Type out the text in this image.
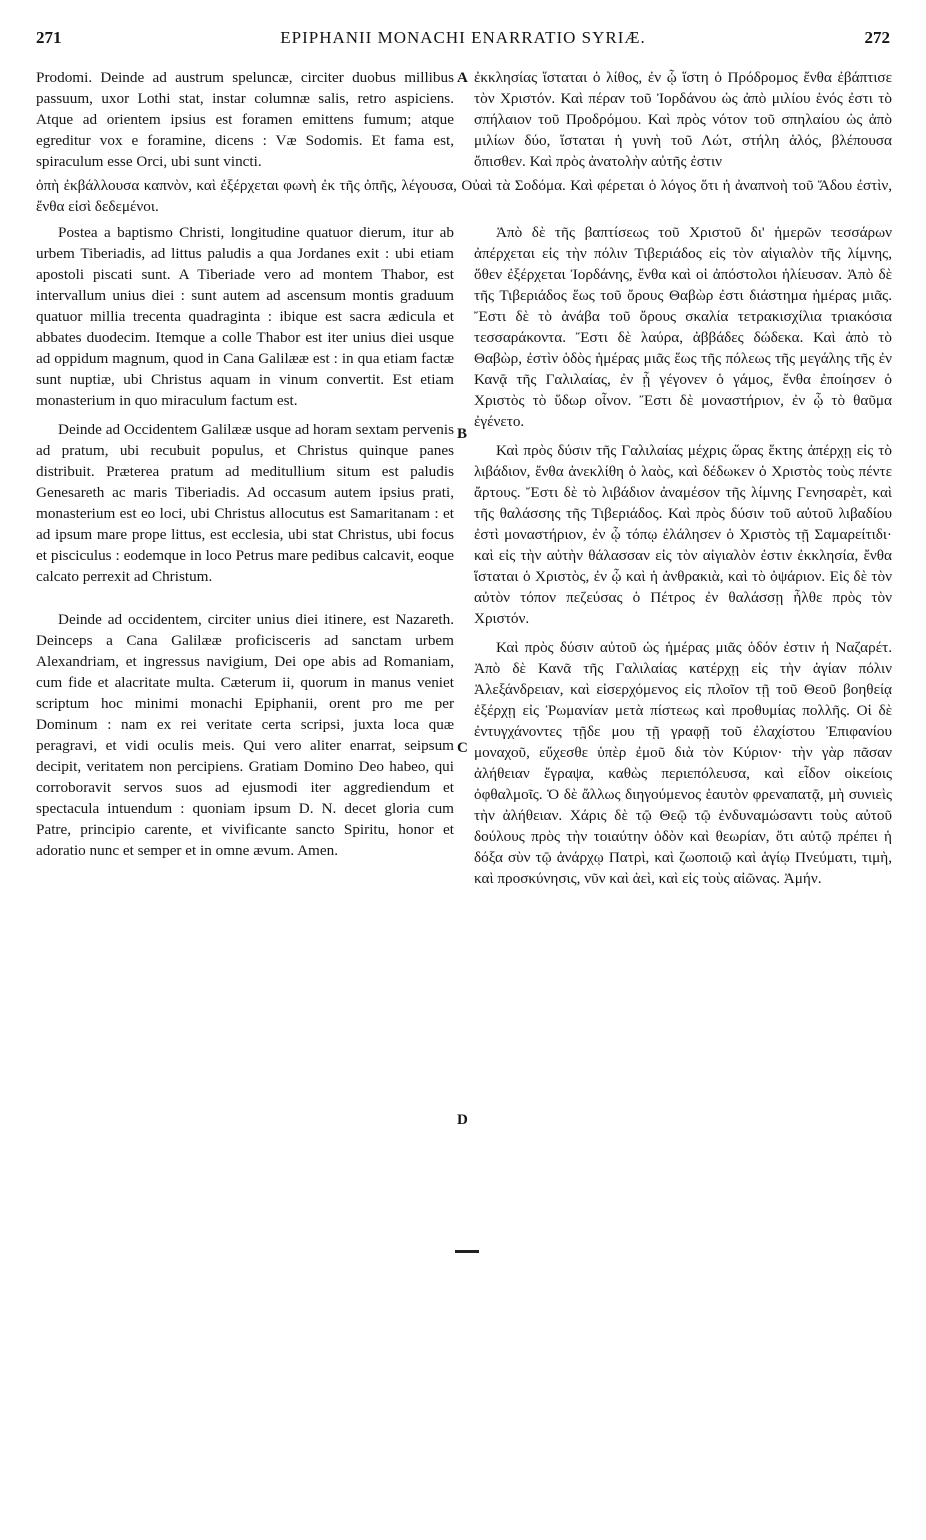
271	EPIPHANII MONACHI ENARRATIO SYRIÆ.	272

Prodomi. Deinde ad austrum speluncæ, circiter duobus millibus passuum, uxor Lothi stat, instar columnæ salis, retro aspiciens. Atque ad orientem ipsius est foramen emittens fumum; atque egreditur vox e foramine, dicens : Væ Sodomis. Et fama est, spiraculum esse Orci, ubi sunt vincti.

ἐκκλησίας ἵσταται ὁ λίθος, ἐν ᾧ ἵστη ὁ Πρόδρομος ἔνθα ἐβάπτισε τὸν Χριστόν. Καὶ πέραν τοῦ Ἰορδάνου ὡς ἀπὸ μιλίου ἑνός ἐστι τὸ σπήλαιον τοῦ Προδρόμου. Καὶ πρὸς νότον τοῦ σπηλαίου ὡς ἀπὸ μιλίων δύο, ἵσταται ἡ γυνὴ τοῦ Λώτ, στήλη ἁλός, βλέπουσα ὄπισθεν. Καὶ πρὸς ἀνατολὴν αὐτῆς ἐστιν

ὀπὴ ἐκβάλλουσα καπνὸν, καὶ ἐξέρχεται φωνὴ ἐκ τῆς ὀπῆς, λέγουσα, Οὐαὶ τὰ Σοδόμα. Καὶ φέρεται ὁ λόγος ὅτι ἡ ἀναπνοὴ τοῦ Ἅδου ἐστὶν, ἔνθα εἰσὶ δεδεμένοι.

Postea a baptismo Christi, longitudine quatuor dierum, itur ab urbem Tiberiadis, ad littus paludis a qua Jordanes exit : ubi etiam apostoli piscati sunt. A Tiberiade vero ad montem Thabor, est intervallum unius diei : sunt autem ad ascensum montis graduum quatuor millia trecenta quadraginta : ibique est sacra ædicula et abbates duodecim. Itemque a colle Thabor est iter unius diei usque ad oppidum magnum, quod in Cana Galilææ est : in qua etiam factæ sunt nuptiæ, ubi Christus aquam in vinum convertit. Est etiam monasterium in quo miraculum factum est.

Deinde ad Occidentem Galilææ usque ad horam sextam pervenis ad pratum, ubi recubuit populus, et Christus quinque panes distribuit. Præterea pratum ad meditullium situm est paludis Genesareth ac maris Tiberiadis. Ad occasum autem ipsius prati, monasterium est eo loci, ubi Christus allocutus est Samaritanam : et ad ipsum mare prope littus, est ecclesia, ubi stat Christus, ubi focus et pisciculus : eodemque in loco Petrus mare pedibus calcavit, eoque calcato perrexit ad Christum.

Deinde ad occidentem, circiter unius diei itinere, est Nazareth. Deinceps a Cana Galilææ proficisceris ad sanctam urbem Alexandriam, et ingressus navigium, Dei ope abis ad Romaniam, cum fide et alacritate multa. Cæterum ii, quorum in manus veniet scriptum hoc minimi monachi Epiphanii, orent pro me per Dominum : nam ex rei veritate certa scripsi, juxta loca quæ peragravi, et vidi oculis meis. Qui vero aliter enarrat, seipsum decipit, veritatem non percipiens. Gratiam Domino Deo habeo, qui corroboravit servos suos ad ejusmodi iter aggrediendum et spectacula intuendum : quoniam ipsum D. N. decet gloria cum Patre, principio carente, et vivificante sancto Spiritu, honor et adoratio nunc et semper et in omne ævum. Amen.

Ἀπὸ δὲ τῆς βαπτίσεως τοῦ Χριστοῦ δι' ἡμερῶν τεσσάρων ἀπέρχεται εἰς τὴν πόλιν Τιβεριάδος εἰς τὸν αἰγιαλὸν τῆς λίμνης, ὅθεν ἐξέρχεται Ἰορδάνης, ἔνθα καὶ οἱ ἀπόστολοι ἡλίευσαν. Ἀπὸ δὲ τῆς Τιβεριάδος ἕως τοῦ ὄρους Θαβὼρ ἐστι διάστημα ἡμέρας μιᾶς. Ἔστι δὲ τὸ ἀνάβα τοῦ ὄρους σκαλία τετρακισχίλια τριακόσια τεσσαράκοντα. Ἔστι δὲ λαύρα, ἀββάδες δώδεκα. Καὶ ἀπὸ τὸ Θαβὼρ, ἐστὶν ὁδὸς ἡμέρας μιᾶς ἕως τῆς πόλεως τῆς μεγάλης τῆς ἐν Κανᾷ τῆς Γαλιλαίας, ἐν ᾗ γέγονεν ὁ γάμος, ἔνθα ἐποίησεν ὁ Χριστὸς τὸ ὕδωρ οἶνον. Ἔστι δὲ μοναστήριον, ἐν ᾧ τὸ θαῦμα ἐγένετο.

Καὶ πρὸς δύσιν τῆς Γαλιλαίας μέχρις ὥρας ἕκτης ἀπέρχῃ εἰς τὸ λιβάδιον, ἔνθα ἀνεκλίθη ὁ λαὸς, καὶ δέδωκεν ὁ Χριστὸς τοὺς πέντε ἄρτους. Ἔστι δὲ τὸ λιβάδιον ἀναμέσον τῆς λίμνης Γενησαρὲτ, καὶ τῆς θαλάσσης τῆς Τιβεριάδος. Καὶ πρὸς δύσιν τοῦ αὐτοῦ λιβαδίου ἐστὶ μοναστήριον, ἐν ᾧ τόπῳ ἐλάλησεν ὁ Χριστὸς τῇ Σαμαρείτιδι· καὶ εἰς τὴν αὐτὴν θάλασσαν εἰς τὸν αἰγιαλὸν ἐστιν ἐκκλησία, ἔνθα ἵσταται ὁ Χριστὸς, ἐν ᾧ καὶ ἡ ἀνθρακιὰ, καὶ τὸ ὀψάριον. Εἰς δὲ τὸν αὐτὸν τόπον πεζεύσας ὁ Πέτρος ἐν θαλάσσῃ ἦλθε πρὸς τὸν Χριστόν.

Καὶ πρὸς δύσιν αὐτοῦ ὡς ἡμέρας μιᾶς ὁδόν ἐστιν ἡ Ναζαρέτ. Ἀπὸ δὲ Κανᾶ τῆς Γαλιλαίας κατέρχῃ εἰς τὴν ἁγίαν πόλιν Ἀλεξάνδρειαν, καὶ εἰσερχόμενος εἰς πλοῖον τῇ τοῦ Θεοῦ βοηθείᾳ ἐξέρχῃ εἰς Ῥωμανίαν μετὰ πίστεως καὶ προθυμίας πολλῆς. Οἱ δὲ ἐντυγχάνοντες τῇδε μου τῇ γραφῇ τοῦ ἐλαχίστου Ἐπιφανίου μοναχοῦ, εὔχεσθε ὑπὲρ ἐμοῦ διὰ τὸν Κύριον· τὴν γὰρ πᾶσαν ἀλήθειαν ἔγραψα, καθὼς περιεπόλευσα, καὶ εἶδον οἰκείοις ὀφθαλμοῖς. Ὁ δὲ ἄλλως διηγούμενος ἑαυτὸν φρεναπατᾷ, μὴ συνιεὶς τὴν ἀλήθειαν. Χάρις δὲ τῷ Θεῷ τῷ ἐνδυναμώσαντι τοὺς αὐτοῦ δούλους πρὸς τὴν τοιαύτην ὁδὸν καὶ θεωρίαν, ὅτι αὐτῷ πρέπει ἡ δόξα σὺν τῷ ἀνάρχῳ Πατρὶ, καὶ ζωοποιῷ καὶ ἁγίῳ Πνεύματι, τιμὴ, καὶ προσκύνησις, νῦν καὶ ἀεὶ, καὶ εἰς τοὺς αἰῶνας. Ἀμήν.

A
B
C
D
